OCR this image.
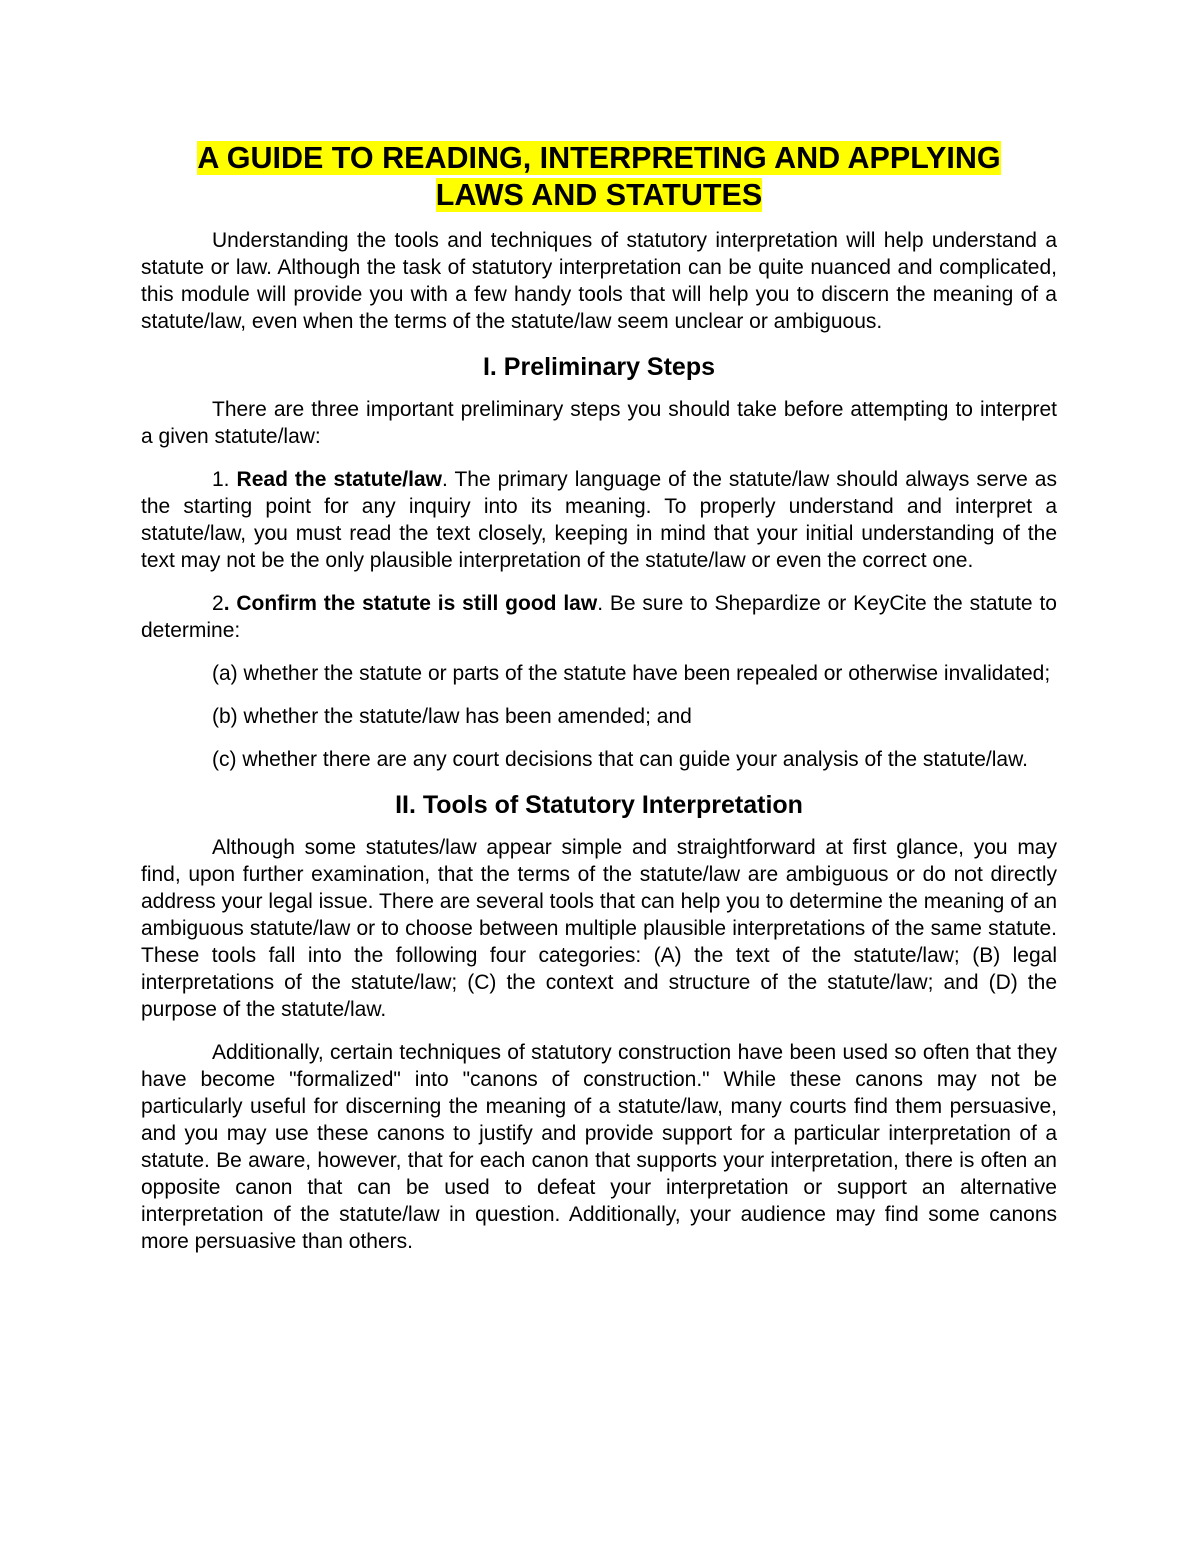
A GUIDE TO READING, INTERPRETING AND APPLYING
LAWS AND STATUTES

Understanding the tools and techniques of statutory interpretation will help understand a statute or law. Although the task of statutory interpretation can be quite nuanced and complicated, this module will provide you with a few handy tools that will help you to discern the meaning of a statute/law, even when the terms of the statute/law seem unclear or ambiguous.

I. Preliminary Steps

There are three important preliminary steps you should take before attempting to interpret a given statute/law:

1. Read the statute/law. The primary language of the statute/law should always serve as the starting point for any inquiry into its meaning. To properly understand and interpret a statute/law, you must read the text closely, keeping in mind that your initial understanding of the text may not be the only plausible interpretation of the statute/law or even the correct one.

2. Confirm the statute is still good law. Be sure to Shepardize or KeyCite the statute to determine:

(a) whether the statute or parts of the statute have been repealed or otherwise invalidated;

(b) whether the statute/law has been amended; and

(c) whether there are any court decisions that can guide your analysis of the statute/law.

II. Tools of Statutory Interpretation

Although some statutes/law appear simple and straightforward at first glance, you may find, upon further examination, that the terms of the statute/law are ambiguous or do not directly address your legal issue. There are several tools that can help you to determine the meaning of an ambiguous statute/law or to choose between multiple plausible interpretations of the same statute. These tools fall into the following four categories: (A) the text of the statute/law; (B) legal interpretations of the statute/law; (C) the context and structure of the statute/law; and (D) the purpose of the statute/law.

Additionally, certain techniques of statutory construction have been used so often that they have become "formalized" into "canons of construction." While these canons may not be particularly useful for discerning the meaning of a statute/law, many courts find them persuasive, and you may use these canons to justify and provide support for a particular interpretation of a statute. Be aware, however, that for each canon that supports your interpretation, there is often an opposite canon that can be used to defeat your interpretation or support an alternative interpretation of the statute/law in question. Additionally, your audience may find some canons more persuasive than others.
